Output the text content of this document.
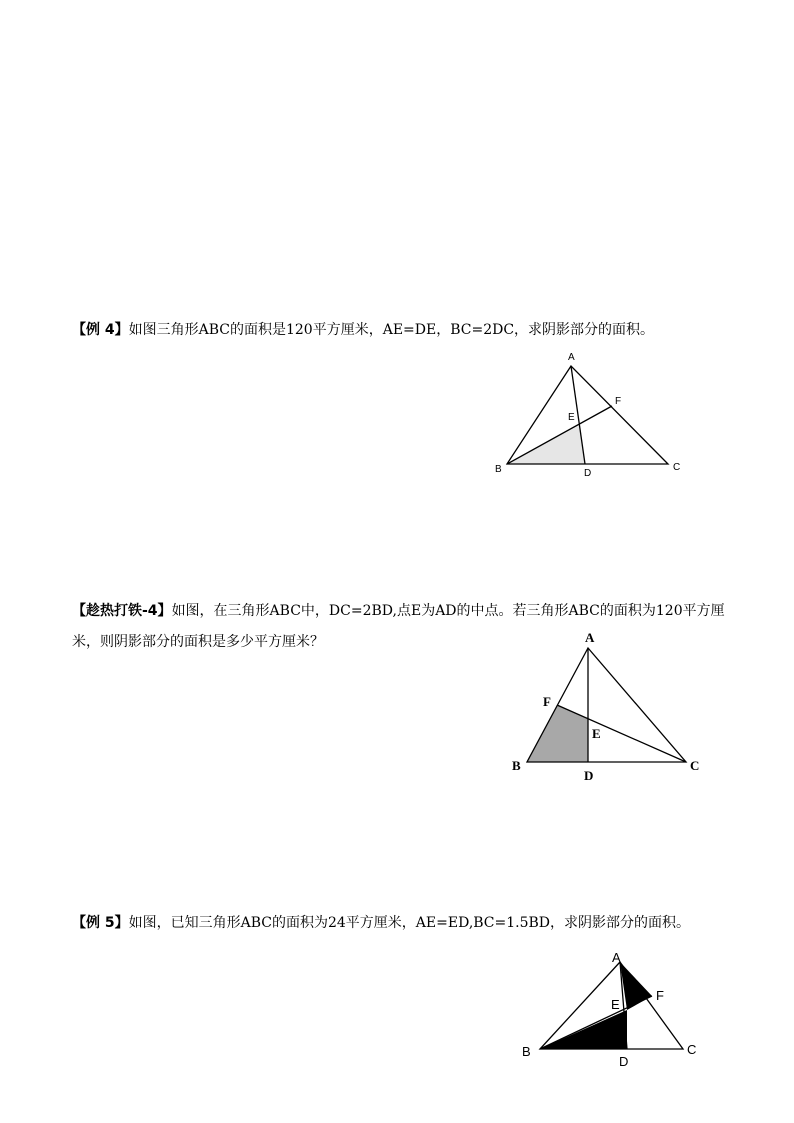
【例 4】如图三角形ABC的面积是120平方厘米，AE=DE，BC=2DC，求阴影部分的面积。

A
B	C
D
E
F

【趁热打铁-4】如图，在三角形ABC中，DC=2BD,点E为AD的中点。若三角形ABC的面积为120平方厘米，则阴影部分的面积是多少平方厘米？	A
B	C
D
E
F

【例 5】如图，已知三角形ABC的面积为24平方厘米，AE=ED,BC=1.5BD，求阴影部分的面积。

A
B	C
D
E
F
